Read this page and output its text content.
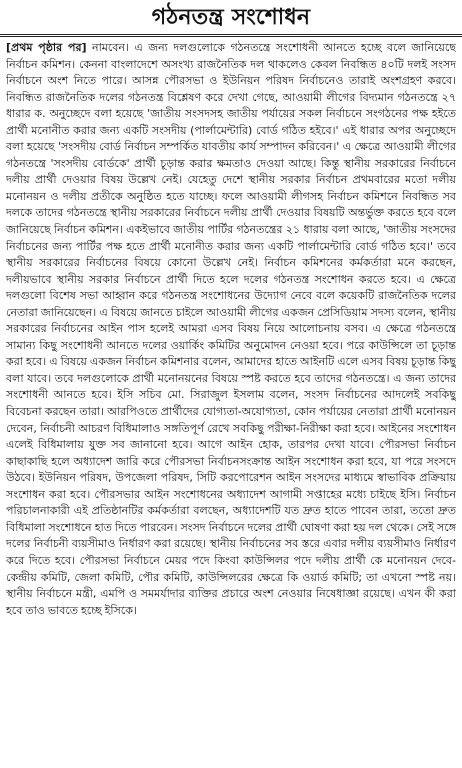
গঠনতন্ত্র সংশোধন

[প্রথম পৃষ্ঠার পর] নামবেন। এ জন্য দলগুলোকে গঠনতন্ত্রে সংশোধনী আনতে হচ্ছে বলে জানিয়েছে নির্বাচন কমিশন। কেননা বাংলাদেশে অসংখ্য রাজনৈতিক দল থাকলেও কেবল নিবন্ধিত ৪০টি দলই সংসদ নির্বাচনে অংশ নিতে পারে। আসন্ন পৌরসভা ও ইউনিয়ন পরিষদ নির্বাচনেও তারাই অংশগ্রহণ করবে। নিবন্ধিত রাজনৈতিক দলের গঠনতন্ত্র বিশ্লেষণ করে দেখা গেছে, আওয়ামী লীগের বিদ্যমান গঠনতন্ত্রে ২৭ ধারার ক. অনুচ্ছেদে বলা হয়েছে 'জাতীয় সংসদসহ জাতীয় পর্যায়ের সকল নির্বাচনে সংগঠনের পক্ষ হইতে প্রার্থী মনোনীত করার জন্য একটি সংসদীয় (পার্লামেন্টারি) বোর্ড গঠিত হইবে।' এই ধারার অপর অনুচ্ছেদে বলা হয়েছে 'সংসদীয় বোর্ড নির্বাচন সম্পর্কিত যাবতীয় কার্য সম্পাদন করিবেন।' এ ক্ষেত্রে আওয়ামী লীগের গঠনতন্ত্রে 'সংসদীয় বোর্ডকে' প্রার্থী চূড়ান্ত করার ক্ষমতাও দেওয়া আছে। কিন্তু স্থানীয় সরকারের নির্বাচনে দলীয় প্রার্থী দেওয়ার বিষয় উল্লেখ নেই। যেহেতু দেশে স্থানীয় সরকার নির্বাচন প্রথমবারের মতো দলীয় মনোনয়ন ও দলীয় প্রতীকে অনুষ্ঠিত হতে যাচ্ছে। ফলে আওয়ামী লীগসহ নির্বাচন কমিশনে নিবন্ধিত সব দলকে তাদের গঠনতন্ত্রে স্থানীয় সরকারের নির্বাচনে দলীয় প্রার্থী দেওয়ার বিষয়টি অন্তর্ভুক্ত করতে হবে বলে জানিয়েছে নির্বাচন কমিশন। একইভাবে জাতীয় পার্টির গঠনতন্ত্রের ২১ ধারায় বলা আছে, 'জাতীয় সংসদের নির্বাচনের জন্য পার্টির পক্ষ হতে প্রার্থী মনোনীত করার জন্য একটি পার্লামেন্টারি বোর্ড গঠিত হবে।' তবে স্থানীয় সরকারের নির্বাচনের বিষয়ে কোনো উল্লেখ নেই। নির্বাচন কমিশনের কর্মকর্তারা মনে করছেন, দলীয়ভাবে স্থানীয় সরকার নির্বাচনে প্রার্থী দিতে হলে দলের গঠনতন্ত্র সংশোধন করতে হবে। এ ক্ষেত্রে দলগুলো বিশেষ সভা আহ্বান করে গঠনতন্ত্র সংশোধনের উদ্যোগ নেবে বলে কয়েকটি রাজনৈতিক দলের নেতারা জানিয়েছেন। এ বিষয়ে জানতে চাইলে আওয়ামী লীগের একজন প্রেসিডিয়াম সদস্য বলেন, স্থানীয় সরকারের নির্বাচনের আইন পাস হলেই আমরা এসব বিষয় নিয়ে আলোচনায় বসব। এ ক্ষেত্রে গঠনতন্ত্রে সামান্য কিছু সংশোধনী আনতে দলের ওয়ার্কিং কমিটির অনুমোদন নেওয়া হবে। পরে কাউন্সিলে তা চূড়ান্ত করা হবে। এ বিষয়ে একজন নির্বাচন কমিশনার বলেন, আমাদের হাতে আইনটি এলে এসব বিষয় চূড়ান্ত কিছু বলা যাবে। তবে দলগুলোকে প্রার্থী মনোনয়নের বিষয়ে স্পষ্ট করতে হবে তাদের গঠনতন্ত্রে। এ জন্য তাদের সংশোধনী আনতে হবে। ইসি সচিব মো. সিরাজুল ইসলাম বলেন, সংসদ নির্বাচনের আদলেই সবকিছু বিবেচনা করছেন তারা। আরপিওতে প্রার্থীদের যোগ্যতা-অযোগ্যতা, কোন পর্যায়ের নেতারা প্রার্থী মনোনয়ন দেবেন, নির্বাচনী আচরণ বিধিমালাও সঙ্গতিপূর্ণ রেখে সবকিছু পরীক্ষা-নিরীক্ষা করা হবে। আইনের সংশোধন এলেই বিধিমালায় যুক্ত সব জানানো হবে। আগে আইন হোক, তারপর দেখা যাবে। পৌরসভা নির্বাচন কাছাকাছি হলে অধ্যাদেশ জারি করে পৌরসভা নির্বাচনসংক্রান্ত আইন সংশোধন করা হবে, যা পরে সংসদে উঠবে। ইউনিয়ন পরিষদ, উপজেলা পরিষদ, সিটি করপোরেশন আইন সংসদের মাধ্যমে স্বাভাবিক প্রক্রিয়ায় সংশোধন করা হবে। পৌরসভার আইন সংশোধনের অধ্যাদেশ আগামী সপ্তাহের মধ্যে চাইছে ইসি। নির্বাচন পরিচালনাকারী এই প্রতিষ্ঠানটির কর্মকর্তারা বলছেন, অধ্যাদেশটি যত দ্রুত হাতে পাবেন তারা, ততো দ্রুত বিধিমালা সংশোধনে হাত দিতে পারবেন। সংসদ নির্বাচনে দলের প্রার্থী ঘোষণা করা হয় দল থেকে। সেই সঙ্গে দলের নির্বাচনী ব্যয়সীমাও নির্ধারণ করা রয়েছে। স্থানীয় নির্বাচনের সব স্তরে এবার দলীয় ব্যয়সীমাও নির্ধারণ করে দিতে হবে। পৌরসভা নির্বাচনে মেয়র পদে কিংবা কাউন্সিলর পদে দলীয় প্রার্থী কে মনোনয়ন দেবে- কেন্দ্রীয় কমিটি, জেলা কমিটি, পৌর কমিটি, কাউন্সিলরের ক্ষেত্রে কি ওয়ার্ড কমিটি; তা এখনো স্পষ্ট নয়। স্থানীয় নির্বাচনে মন্ত্রী, এমপি ও সমমর্যাদার ব্যক্তির প্রচারে অংশ নেওয়ার নিষেধাজ্ঞা রয়েছে। এখন কী করা হবে তাও ভাবতে হচ্ছে ইসিকে।
